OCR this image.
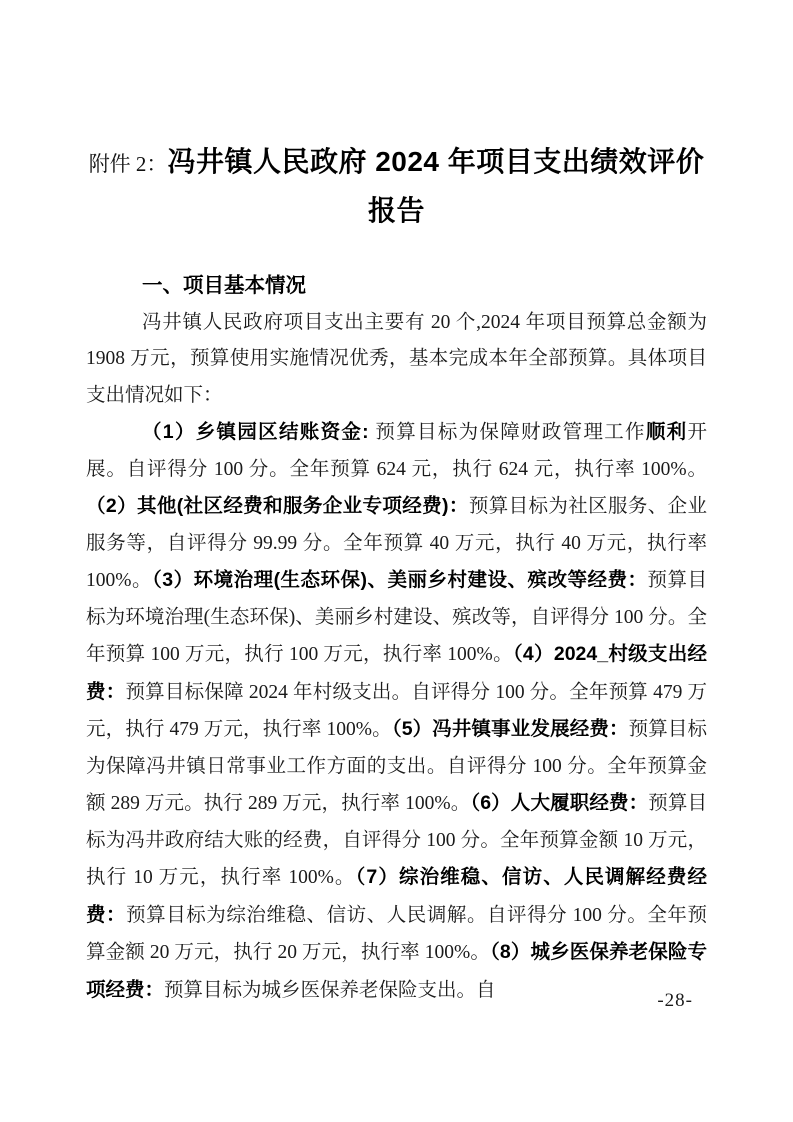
附件 2：冯井镇人民政府 2024 年项目支出绩效评价报告
一、项目基本情况

冯井镇人民政府项目支出主要有 20 个,2024 年项目预算总金额为 1908 万元，预算使用实施情况优秀，基本完成本年全部预算。具体项目支出情况如下：

（1）乡镇园区结账资金: 预算目标为保障财政管理工作顺利开展。自评得分 100 分。全年预算 624 元，执行 624 元，执行率 100%。（2）其他(社区经费和服务企业专项经费)：预算目标为社区服务、企业服务等，自评得分 99.99 分。全年预算 40 万元，执行 40 万元，执行率 100%。（3）环境治理(生态环保)、美丽乡村建设、殡改等经费：预算目标为环境治理(生态环保)、美丽乡村建设、殡改等，自评得分 100 分。全年预算 100 万元，执行 100 万元，执行率 100%。（4）2024_村级支出经费：预算目标保障 2024 年村级支出。自评得分 100 分。全年预算 479 万元，执行 479 万元，执行率 100%。（5）冯井镇事业发展经费：预算目标为保障冯井镇日常事业工作方面的支出。自评得分 100 分。全年预算金额 289 万元。执行 289 万元，执行率 100%。（6）人大履职经费：预算目标为冯井政府结大账的经费，自评得分 100 分。全年预算金额 10 万元，执行 10 万元，执行率 100%。（7）综治维稳、信访、人民调解经费经费：预算目标为综治维稳、信访、人民调解。自评得分 100 分。全年预算金额 20 万元，执行 20 万元，执行率 100%。（8）城乡医保养老保险专项经费：预算目标为城乡医保养老保险支出。自	-28-
